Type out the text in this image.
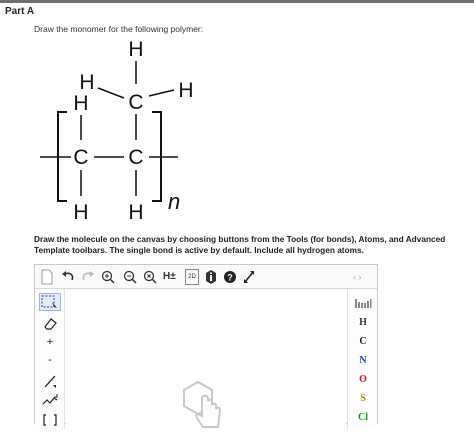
Part A
Draw the monomer for the following polymer:
H
C
H
H
H
C C
H H n
Draw the molecule on the canvas by choosing buttons from the Tools (for bonds), Atoms, and Advanced Template toolbars. The single bond is active by default. Include all hydrogen atoms.
H±	2D	?	‹ ›
+
-
H
C
N
O
S
Cl
